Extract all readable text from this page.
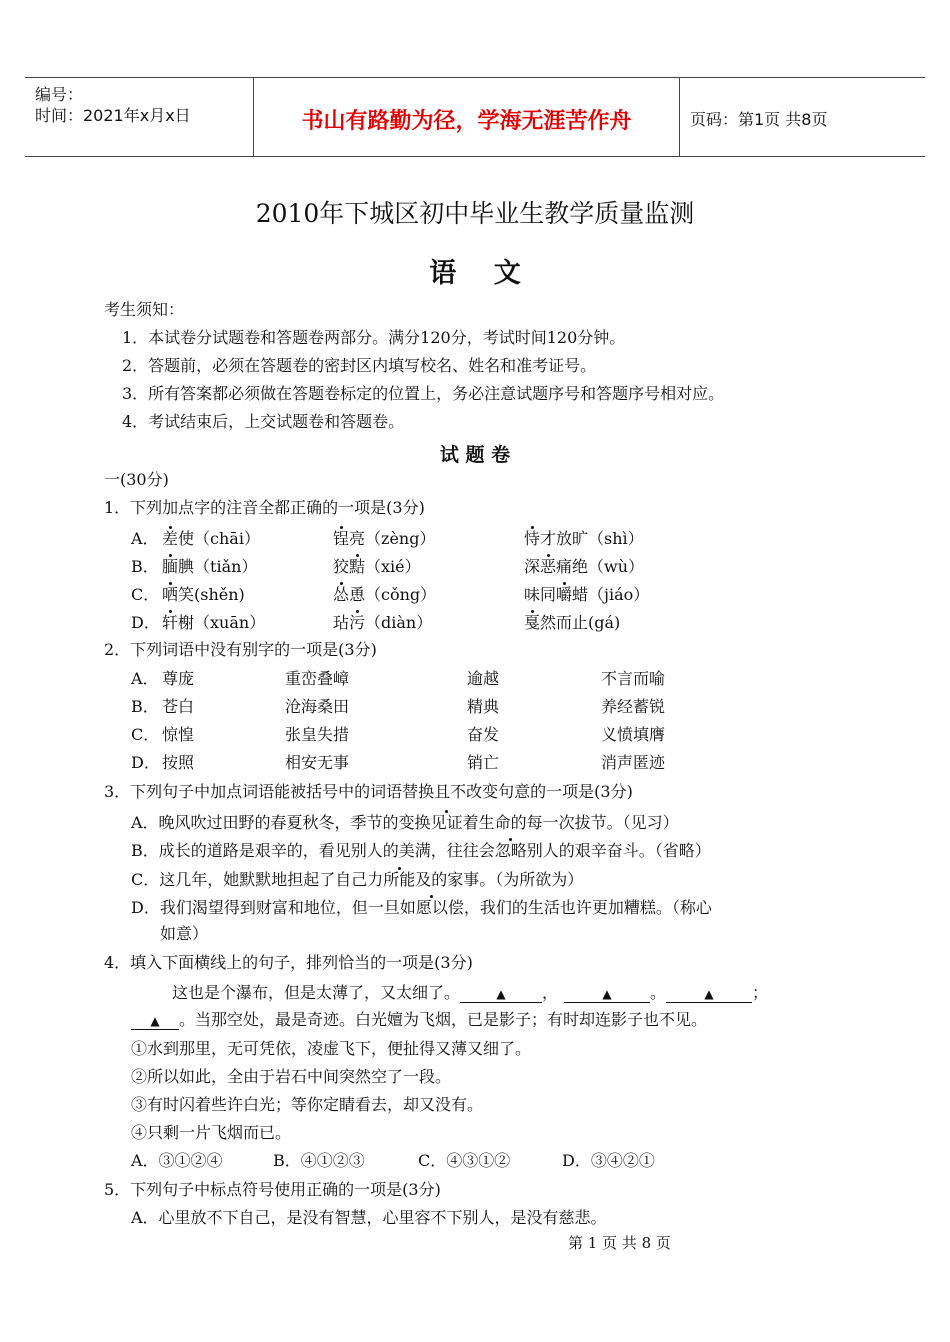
编号：
时间：2021年x月x日	书山有路勤为径，学海无涯苦作舟	页码：第1页 共8页
2010年下城区初中毕业生教学质量监测
语    文
考生须知：
1．本试卷分试题卷和答题卷两部分。满分120分，考试时间120分钟。
2．答题前，必须在答题卷的密封区内填写校名、姓名和准考证号。
3．所有答案都必须做在答题卷标定的位置上，务必注意试题序号和答题序号相对应。
4．考试结束后，上交试题卷和答题卷。
试 题 卷
一(30分)
1．下列加点字的注音全都正确的一项是(3分)
A． 差使（chāi）	锃亮（zèng）	恃才放旷（shì）
B． 腼腆（tiǎn）	狡黠（xié）	深恶痛绝（wù）
C． 哂笑(shěn)	怂恿（cǒng）	味同嚼蜡（jiáo）
D． 轩榭（xuān）	玷污（diàn）	戛然而止(gá)
2．下列词语中没有别字的一项是(3分)
A． 尊庞	重峦叠嶂	逾越	不言而喻
B． 苍白	沧海桑田	精典	养经蓄锐
C． 惊惶	张皇失措	奋发	义愤填膺
D． 按照	相安无事	销亡	消声匿迹
3．下列句子中加点词语能被括号中的词语替换且不改变句意的一项是(3分)
A．晚风吹过田野的春夏秋冬，季节的变换见证着生命的每一次拔节。（见习）
B．成长的道路是艰辛的，看见别人的美满，往往会忽略别人的艰辛奋斗。（省略）
C．这几年，她默默地担起了自己力所能及的家事。（为所欲为）
D．我们渴望得到财富和地位，但一旦如愿以偿，我们的生活也许更加糟糕。（称心
如意）
4．填入下面横线上的句子，排列恰当的一项是(3分)
这也是个瀑布，但是太薄了，又太细了。	▲ ，	▲ 。	▲ ；
▲ 。当那空处，最是奇迹。白光嬗为飞烟，已是影子；有时却连影子也不见。
①水到那里，无可凭依，凌虚飞下，便扯得又薄又细了。
②所以如此，全由于岩石中间突然空了一段。
③有时闪着些许白光；等你定睛看去，却又没有。
④只剩一片飞烟而已。
A．③①②④	B．④①②③	C．④③①②	D．③④②①
5．下列句子中标点符号使用正确的一项是(3分)
A．心里放不下自己，是没有智慧，心里容不下别人，是没有慈悲。
第 1 页 共 8 页
